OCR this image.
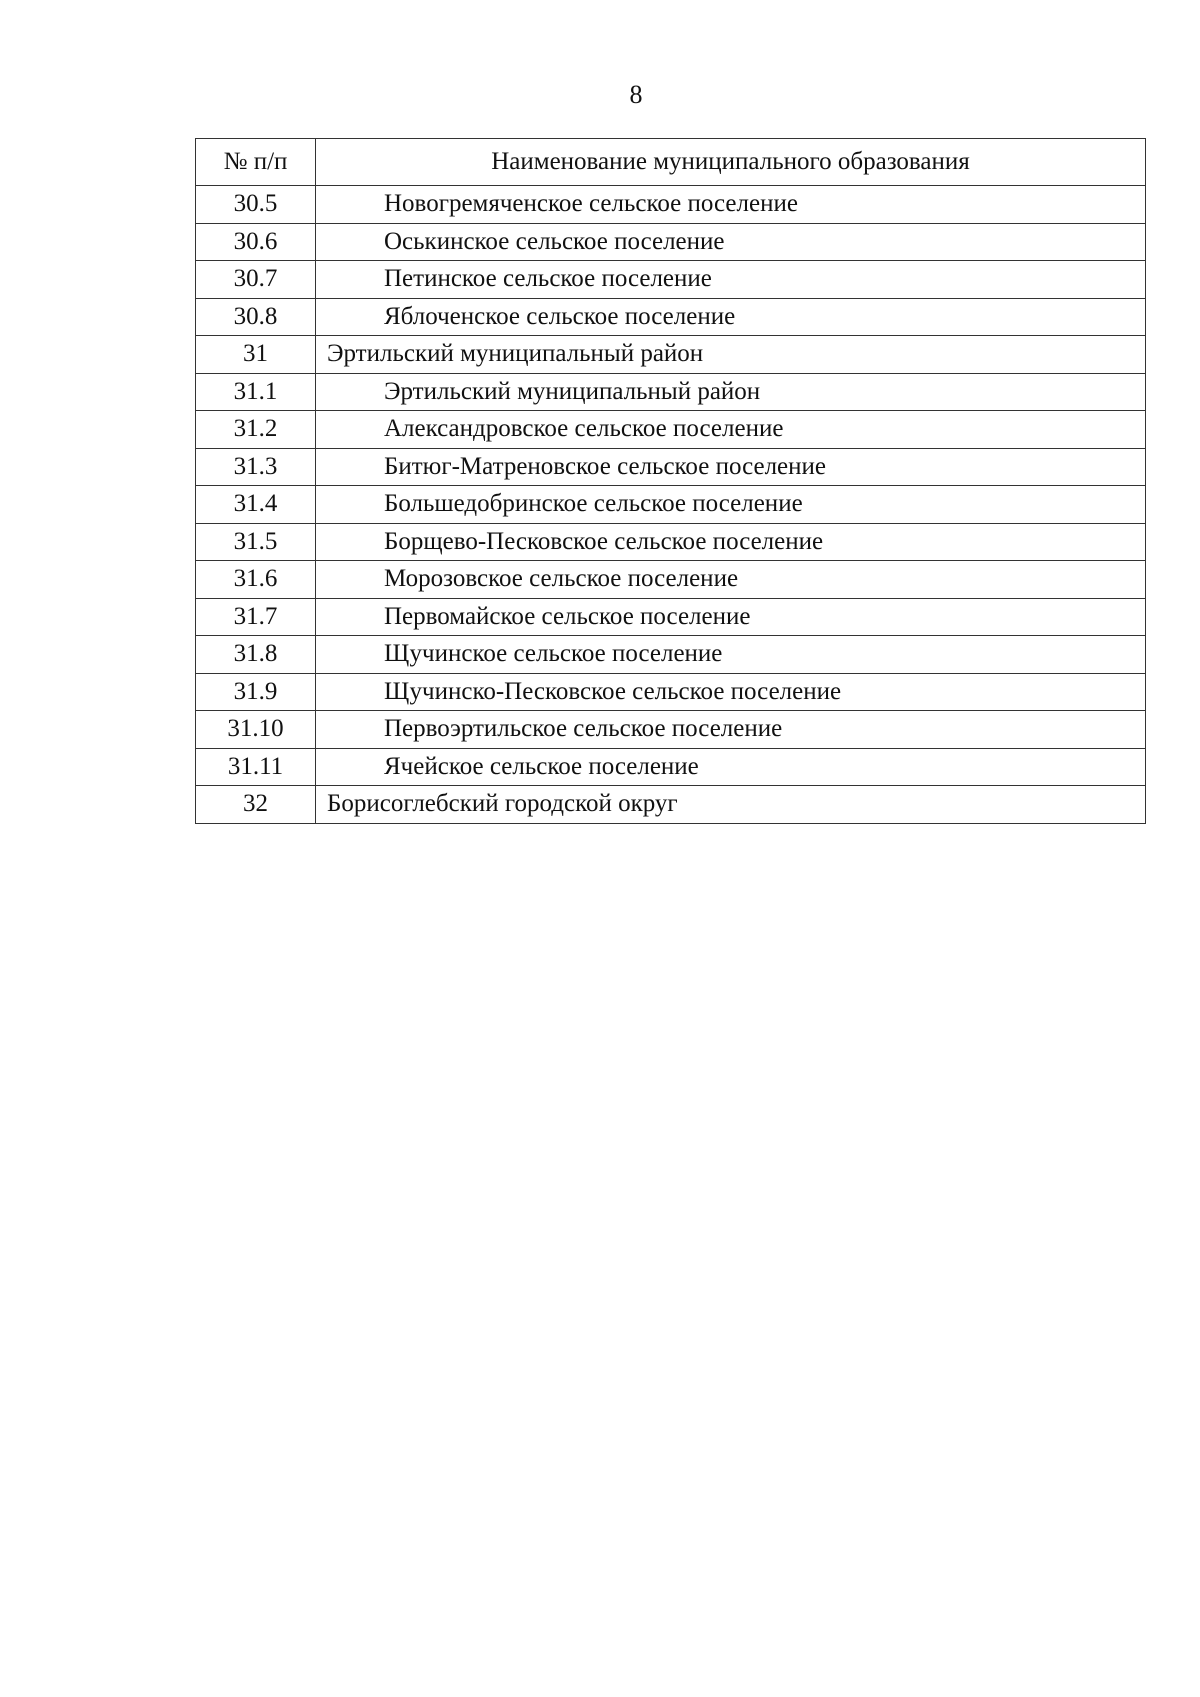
8
№ п/п	Наименование муниципального образования
30.5	Новогремяченское сельское поселение
30.6	Оськинское сельское поселение
30.7	Петинское сельское поселение
30.8	Яблоченское сельское поселение
31	Эртильский муниципальный район
31.1	Эртильский муниципальный район
31.2	Александровское сельское поселение
31.3	Битюг-Матреновское сельское поселение
31.4	Большедобринское сельское поселение
31.5	Борщево-Песковское сельское поселение
31.6	Морозовское сельское поселение
31.7	Первомайское сельское поселение
31.8	Щучинское сельское поселение
31.9	Щучинско-Песковское сельское поселение
31.10	Первоэртильское сельское поселение
31.11	Ячейское сельское поселение
32	Борисоглебский городской округ
